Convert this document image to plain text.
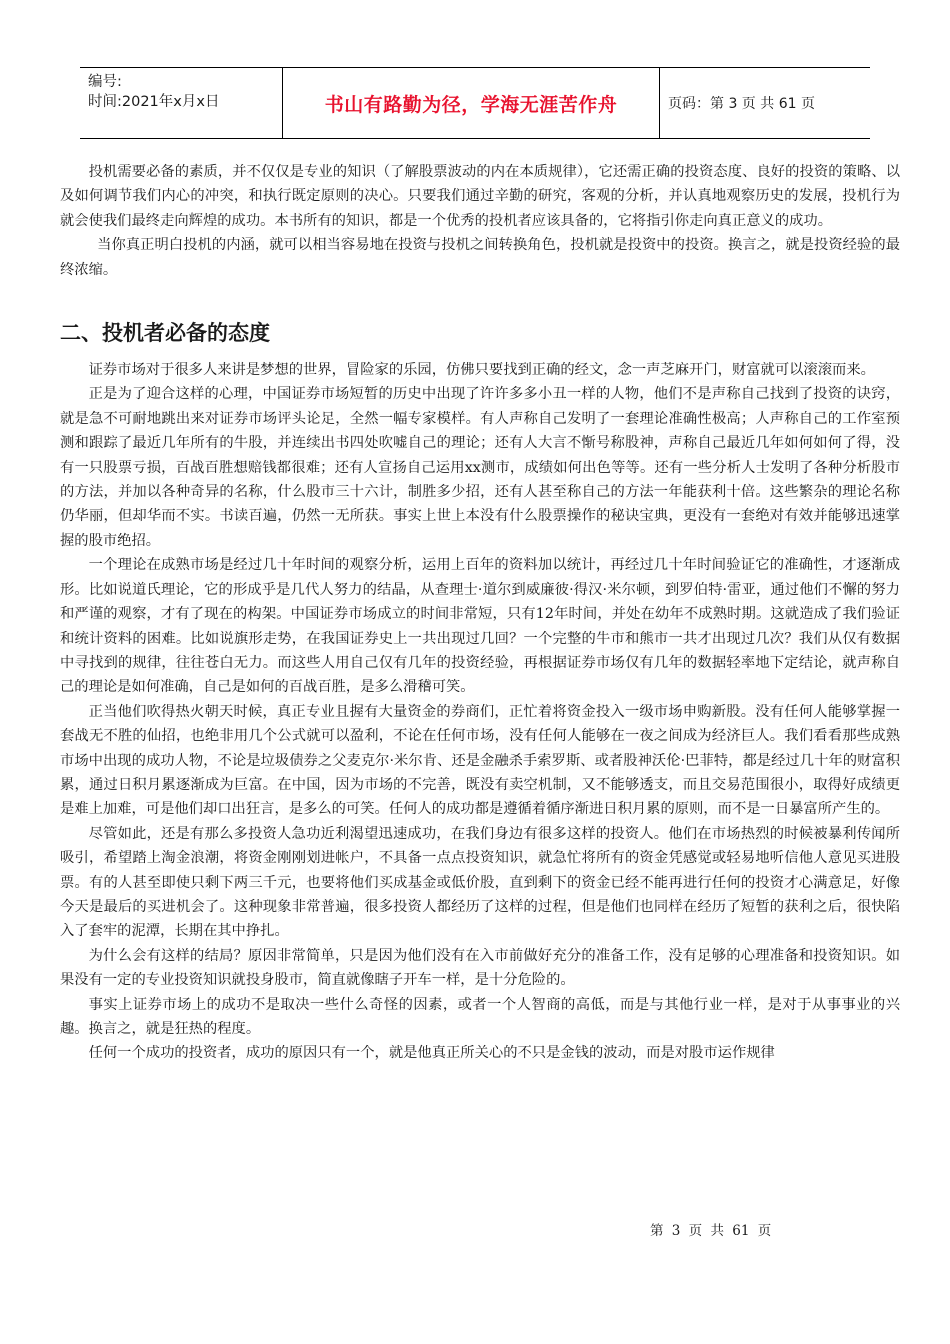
编号:
时间:2021年x月x日	书山有路勤为径，学海无涯苦作舟	页码：第 3 页 共 61 页

投机需要必备的素质，并不仅仅是专业的知识（了解股票波动的内在本质规律），它还需正确的投资态度、良好的投资的策略、以及如何调节我们内心的冲突，和执行既定原则的决心。只要我们通过辛勤的研究，客观的分析，并认真地观察历史的发展，投机行为就会使我们最终走向辉煌的成功。本书所有的知识，都是一个优秀的投机者应该具备的，它将指引你走向真正意义的成功。

当你真正明白投机的内涵，就可以相当容易地在投资与投机之间转换角色，投机就是投资中的投资。换言之，就是投资经验的最终浓缩。

二、投机者必备的态度

证券市场对于很多人来讲是梦想的世界，冒险家的乐园，仿佛只要找到正确的经文，念一声芝麻开门，财富就可以滚滚而来。

正是为了迎合这样的心理，中国证券市场短暂的历史中出现了许许多多小丑一样的人物，他们不是声称自己找到了投资的诀窍，就是急不可耐地跳出来对证券市场评头论足，全然一幅专家模样。有人声称自己发明了一套理论准确性极高；人声称自己的工作室预测和跟踪了最近几年所有的牛股，并连续出书四处吹嘘自己的理论；还有人大言不惭号称股神，声称自己最近几年如何如何了得，没有一只股票亏损，百战百胜想赔钱都很难；还有人宣扬自己运用xx测市，成绩如何出色等等。还有一些分析人士发明了各种分析股市的方法，并加以各种奇异的名称，什么股市三十六计，制胜多少招，还有人甚至称自己的方法一年能获利十倍。这些繁杂的理论名称仍华丽，但却华而不实。书读百遍，仍然一无所获。事实上世上本没有什么股票操作的秘诀宝典，更没有一套绝对有效并能够迅速掌握的股市绝招。

一个理论在成熟市场是经过几十年时间的观察分析，运用上百年的资料加以统计，再经过几十年时间验证它的准确性，才逐渐成形。比如说道氏理论，它的形成乎是几代人努力的结晶，从查理士·道尔到威廉彼·得汉·米尔顿，到罗伯特·雷亚，通过他们不懈的努力和严谨的观察，才有了现在的构架。中国证券市场成立的时间非常短，只有12年时间，并处在幼年不成熟时期。这就造成了我们验证和统计资料的困难。比如说旗形走势，在我国证券史上一共出现过几回？一个完整的牛市和熊市一共才出现过几次？我们从仅有数据中寻找到的规律，往往苍白无力。而这些人用自己仅有几年的投资经验，再根据证券市场仅有几年的数据轻率地下定结论，就声称自己的理论是如何准确，自己是如何的百战百胜，是多么滑稽可笑。

正当他们吹得热火朝天时候，真正专业且握有大量资金的券商们，正忙着将资金投入一级市场申购新股。没有任何人能够掌握一套战无不胜的仙招，也绝非用几个公式就可以盈利，不论在任何市场，没有任何人能够在一夜之间成为经济巨人。我们看看那些成熟市场中出现的成功人物，不论是垃圾债券之父麦克尔·米尔肯、还是金融杀手索罗斯、或者股神沃伦·巴菲特，都是经过几十年的财富积累，通过日积月累逐渐成为巨富。在中国，因为市场的不完善，既没有卖空机制，又不能够透支，而且交易范围很小，取得好成绩更是难上加难，可是他们却口出狂言，是多么的可笑。任何人的成功都是遵循着循序渐进日积月累的原则，而不是一日暴富所产生的。

尽管如此，还是有那么多投资人急功近利渴望迅速成功，在我们身边有很多这样的投资人。他们在市场热烈的时候被暴利传闻所吸引，希望踏上淘金浪潮，将资金刚刚划进帐户，不具备一点点投资知识，就急忙将所有的资金凭感觉或轻易地听信他人意见买进股票。有的人甚至即使只剩下两三千元，也要将他们买成基金或低价股，直到剩下的资金已经不能再进行任何的投资才心满意足，好像今天是最后的买进机会了。这种现象非常普遍，很多投资人都经历了这样的过程，但是他们也同样在经历了短暂的获利之后，很快陷入了套牢的泥潭，长期在其中挣扎。

为什么会有这样的结局？原因非常简单，只是因为他们没有在入市前做好充分的准备工作，没有足够的心理准备和投资知识。如果没有一定的专业投资知识就投身股市，简直就像瞎子开车一样，是十分危险的。

事实上证券市场上的成功不是取决一些什么奇怪的因素，或者一个人智商的高低，而是与其他行业一样，是对于从事事业的兴趣。换言之，就是狂热的程度。

任何一个成功的投资者，成功的原因只有一个，就是他真正所关心的不只是金钱的波动，而是对股市运作规律

第 3 页 共 61 页
